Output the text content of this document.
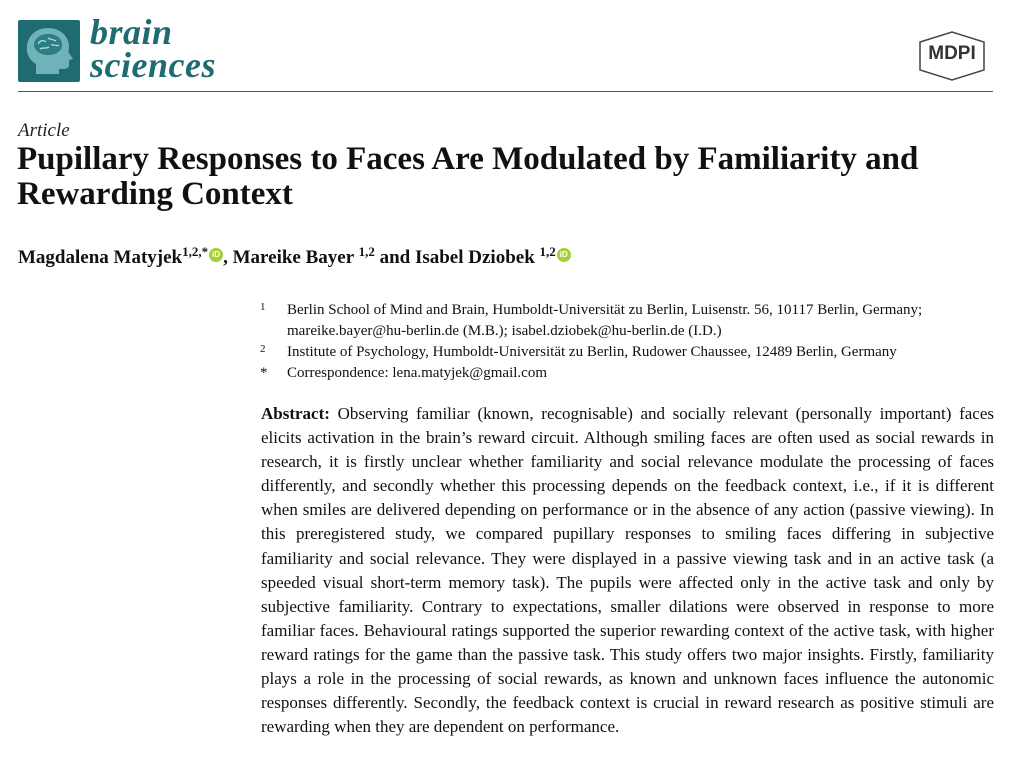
brain
sciences	MDPI
Article
Pupillary Responses to Faces Are Modulated by Familiarity and Rewarding Context
Magdalena Matyjek$^{1,2,*}$ iD , Mareike Bayer $^{1,2}$ and Isabel Dziobek $^{1,2}$ iD
1 Berlin School of Mind and Brain, Humboldt-Universität zu Berlin, Luisenstr. 56, 10117 Berlin, Germany; mareike.bayer@hu-berlin.de (M.B.); isabel.dziobek@hu-berlin.de (I.D.)
2 Institute of Psychology, Humboldt-Universität zu Berlin, Rudower Chaussee, 12489 Berlin, Germany
* Correspondence: lena.matyjek@gmail.com
Abstract: Observing familiar (known, recognisable) and socially relevant (personally important) faces elicits activation in the brain’s reward circuit. Although smiling faces are often used as social rewards in research, it is firstly unclear whether familiarity and social relevance modulate the processing of faces differently, and secondly whether this processing depends on the feedback context, i.e., if it is different when smiles are delivered depending on performance or in the absence of any action (passive viewing). In this preregistered study, we compared pupillary responses to smiling faces differing in subjective familiarity and social relevance. They were displayed in a passive viewing task and in an active task (a speeded visual short-term memory task). The pupils were affected only in the active task and only by subjective familiarity. Contrary to expectations, smaller dilations were observed in response to more familiar faces. Behavioural ratings supported the superior rewarding context of the active task, with higher reward ratings for the game than the passive task. This study offers two major insights. Firstly, familiarity plays a role in the processing of social rewards, as known and unknown faces influence the autonomic responses differently. Secondly, the feedback context is crucial in reward research as positive stimuli are rewarding when they are dependent on performance.
